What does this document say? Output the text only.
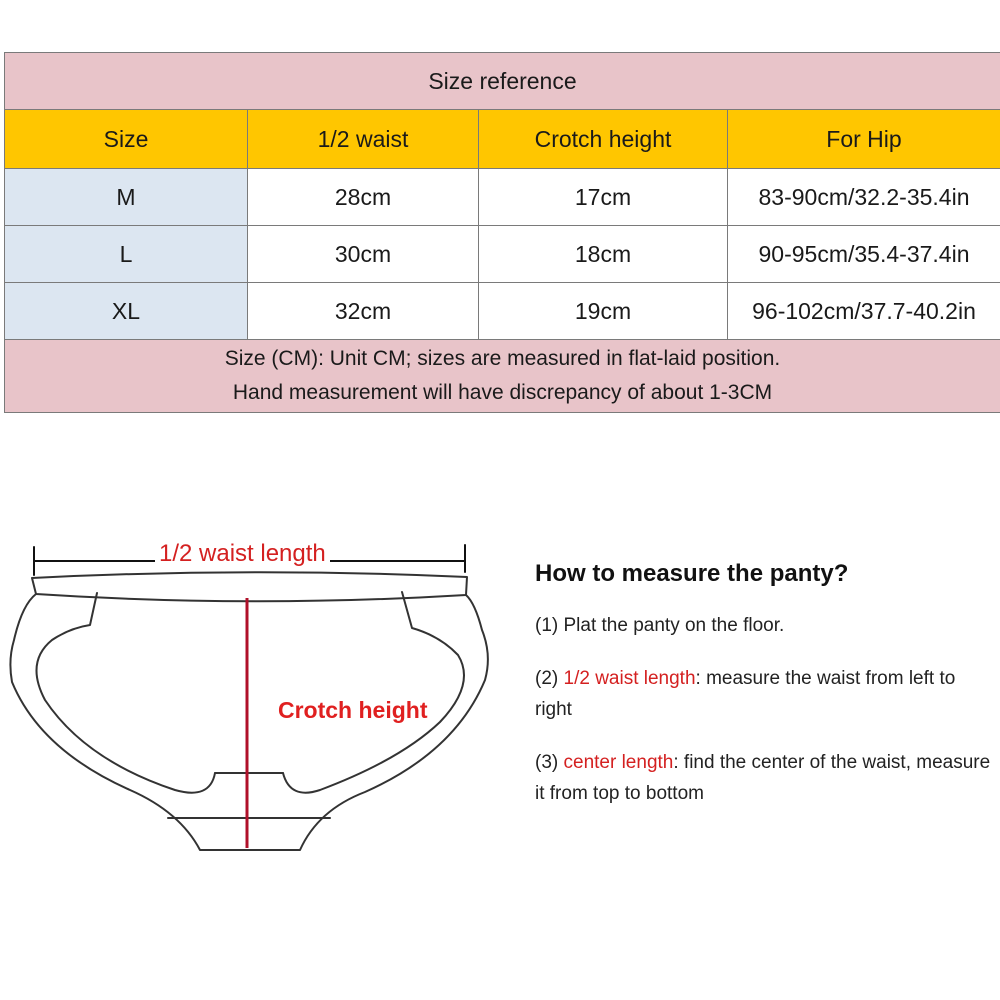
Size reference			
Size	1/2 waist	Crotch height	For Hip
M	28cm	17cm	83-90cm/32.2-35.4in
L	30cm	18cm	90-95cm/35.4-37.4in
XL	32cm	19cm	96-102cm/37.7-40.2in

Size (CM): Unit CM; sizes are measured in flat-laid position.
Hand measurement will have discrepancy of about 1-3CM			
1/2 waist length
Crotch height
How to measure the panty?

(1) Plat the panty on the floor.

(2) 1/2 waist length: measure the waist from left to right

(3) center length: find the center of the waist, measure it from top to bottom
